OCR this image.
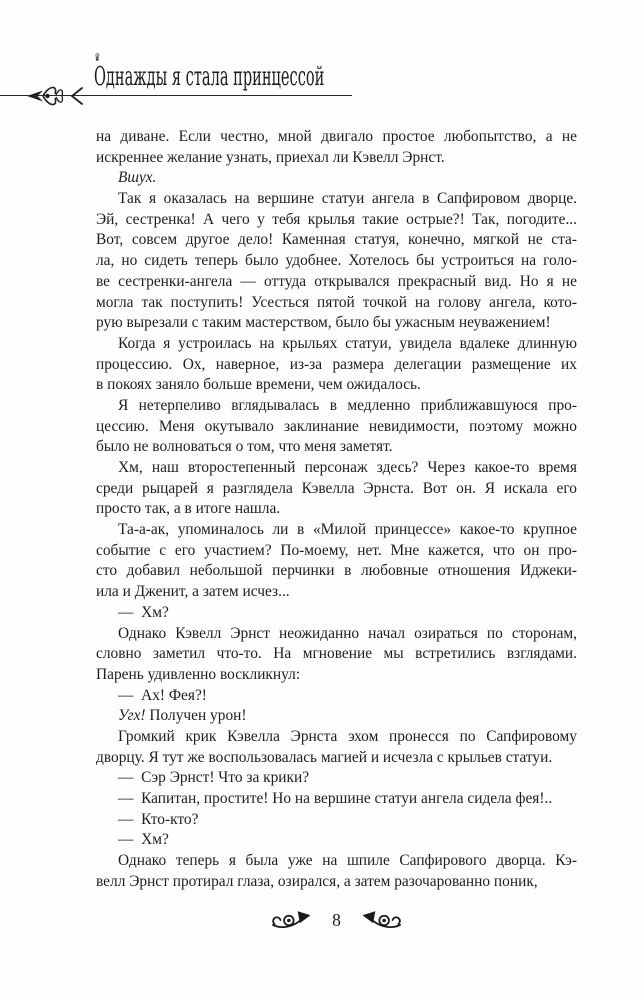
♛
Однажды я стала принцессой
на диване. Если честно, мной двигало простое любопытство, а не
искреннее желание узнать, приехал ли Кэвелл Эрнст.
Вшух.
Так я оказалась на вершине статуи ангела в Сапфировом дворце.
Эй, сестренка! А чего у тебя крылья такие острые?! Так, погодите...
Вот, совсем другое дело! Каменная статуя, конечно, мягкой не ста-
ла, но сидеть теперь было удобнее. Хотелось бы устроиться на голо-
ве сестренки-ангела — оттуда открывался прекрасный вид. Но я не
могла так поступить! Усесться пятой точкой на голову ангела, кото-
рую вырезали с таким мастерством, было бы ужасным неуважением!
Когда я устроилась на крыльях статуи, увидела вдалеке длинную
процессию. Ох, наверное, из-за размера делегации размещение их
в покоях заняло больше времени, чем ожидалось.
Я нетерпеливо вглядывалась в медленно приближавшуюся про-
цессию. Меня окутывало заклинание невидимости, поэтому можно
было не волноваться о том, что меня заметят.
Хм, наш второстепенный персонаж здесь? Через какое-то время
среди рыцарей я разглядела Кэвелла Эрнста. Вот он. Я искала его
просто так, а в итоге нашла.
Та-а-ак, упоминалось ли в «Милой принцессе» какое-то крупное
событие с его участием? По-моему, нет. Мне кажется, что он про-
сто добавил небольшой перчинки в любовные отношения Иджеки-
ила и Дженит, а затем исчез...
— Хм?
Однако Кэвелл Эрнст неожиданно начал озираться по сторонам,
словно заметил что-то. На мгновение мы встретились взглядами.
Парень удивленно воскликнул:
— Ах! Фея?!
Угх! Получен урон!
Громкий крик Кэвелла Эрнста эхом пронесся по Сапфировому
дворцу. Я тут же воспользовалась магией и исчезла с крыльев статуи.
— Сэр Эрнст! Что за крики?
— Капитан, простите! Но на вершине статуи ангела сидела фея!..
— Кто-кто?
— Хм?
Однако теперь я была уже на шпиле Сапфирового дворца. Кэ-
велл Эрнст протирал глаза, озирался, а затем разочарованно поник,
8
